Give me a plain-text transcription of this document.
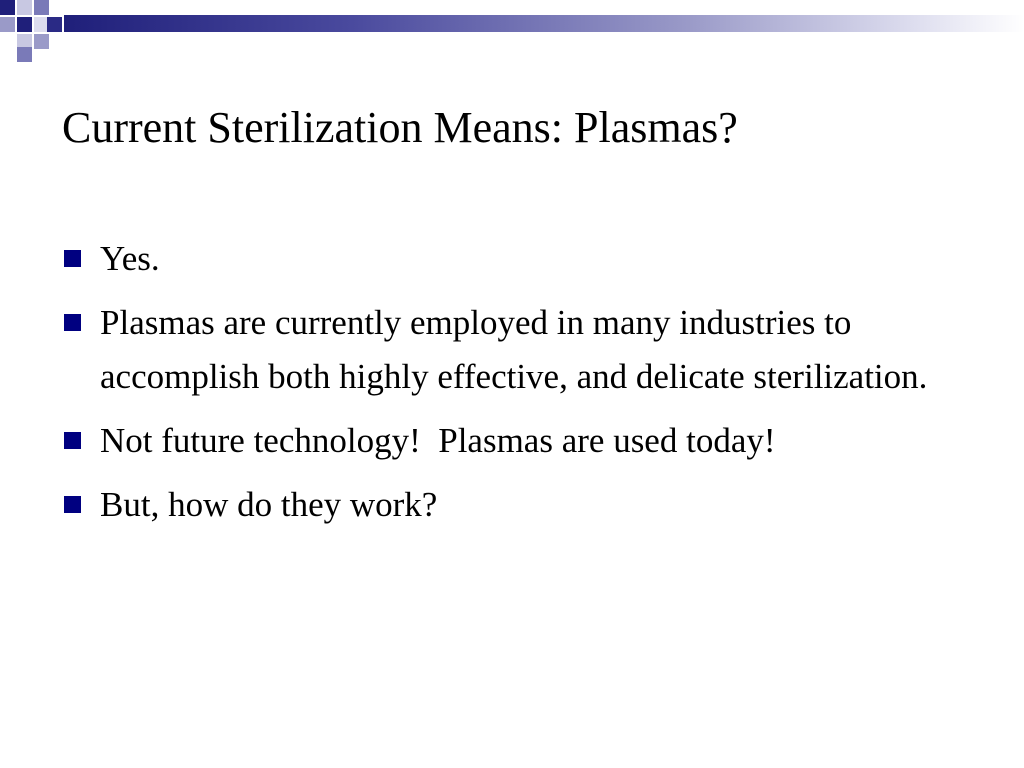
Current Sterilization Means: Plasmas?
Yes.
Plasmas are currently employed in many industries to accomplish both highly effective, and delicate sterilization.
Not future technology!  Plasmas are used today!
But, how do they work?
